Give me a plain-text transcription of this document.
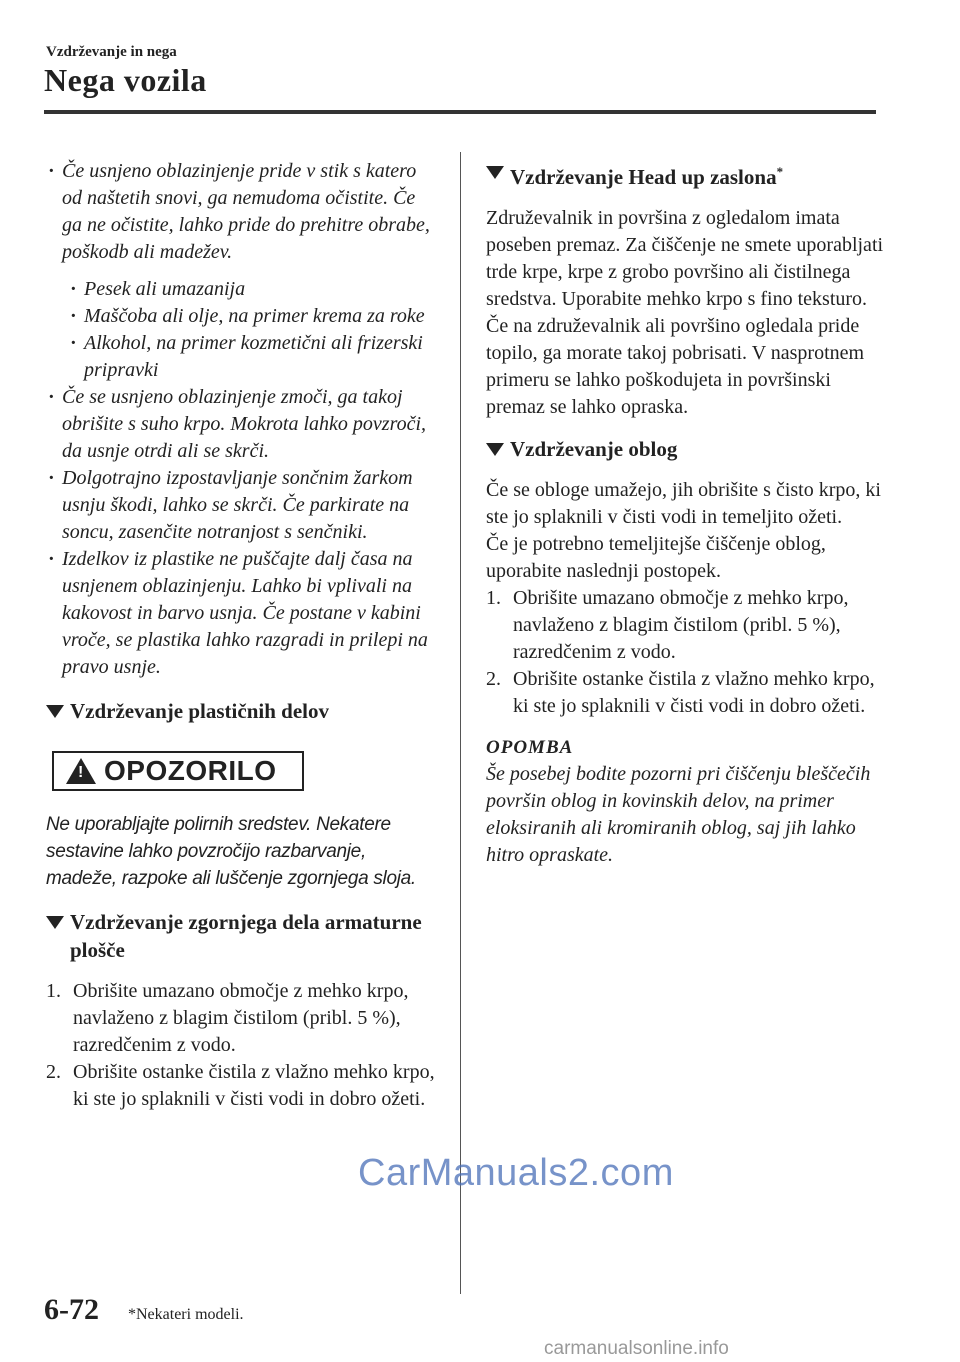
Vzdrževanje in nega
Nega vozila
· Če usnjeno oblazinjenje pride v stik s katero od naštetih snovi, ga nemudoma očistite. Če ga ne očistite, lahko pride do prehitre obrabe, poškodb ali madežev.
· Pesek ali umazanija
· Maščoba ali olje, na primer krema za roke
· Alkohol, na primer kozmetični ali frizerski pripravki
· Če se usnjeno oblazinjenje zmoči, ga takoj obrišite s suho krpo. Mokrota lahko povzroči, da usnje otrdi ali se skrči.
· Dolgotrajno izpostavljanje sončnim žarkom usnju škodi, lahko se skrči. Če parkirate na soncu, zasenčite notranjost s senčniki.
· Izdelkov iz plastike ne puščajte dalj časa na usnjenem oblazinjenju. Lahko bi vplivali na kakovost in barvo usnja. Če postane v kabini vroče, se plastika lahko razgradi in prilepi na pravo usnje.
Vzdrževanje plastičnih delov
! OPOZORILO
Ne uporabljajte polirnih sredstev. Nekatere sestavine lahko povzročijo razbarvanje, madeže, razpoke ali luščenje zgornjega sloja.
Vzdrževanje zgornjega dela armaturne plošče
1. Obrišite umazano območje z mehko krpo, navlaženo z blagim čistilom (pribl. 5 %), razredčenim z vodo.
2. Obrišite ostanke čistila z vlažno mehko krpo, ki ste jo splaknili v čisti vodi in dobro ožeti.
Vzdrževanje Head up zaslona*

Združevalnik in površina z ogledalom imata poseben premaz. Za čiščenje ne smete uporabljati trde krpe, krpe z grobo površino ali čistilnega sredstva. Uporabite mehko krpo s fino teksturo.

Če na združevalnik ali površino ogledala pride topilo, ga morate takoj pobrisati. V nasprotnem primeru se lahko poškodujeta in površinski premaz se lahko opraska.

Vzdrževanje oblog

Če se obloge umažejo, jih obrišite s čisto krpo, ki ste jo splaknili v čisti vodi in temeljito ožeti.

Če je potrebno temeljitejše čiščenje oblog, uporabite naslednji postopek.

1. Obrišite umazano območje z mehko krpo, navlaženo z blagim čistilom (pribl. 5 %), razredčenim z vodo.
2. Obrišite ostanke čistila z vlažno mehko krpo, ki ste jo splaknili v čisti vodi in dobro ožeti.
OPOMBA
Še posebej bodite pozorni pri čiščenju bleščečih površin oblog in kovinskih delov, na primer eloksiranih ali kromiranih oblog, saj jih lahko hitro opraskate.
6-72 *Nekateri modeli.
CarManuals2.com
carmanualsonline.info
